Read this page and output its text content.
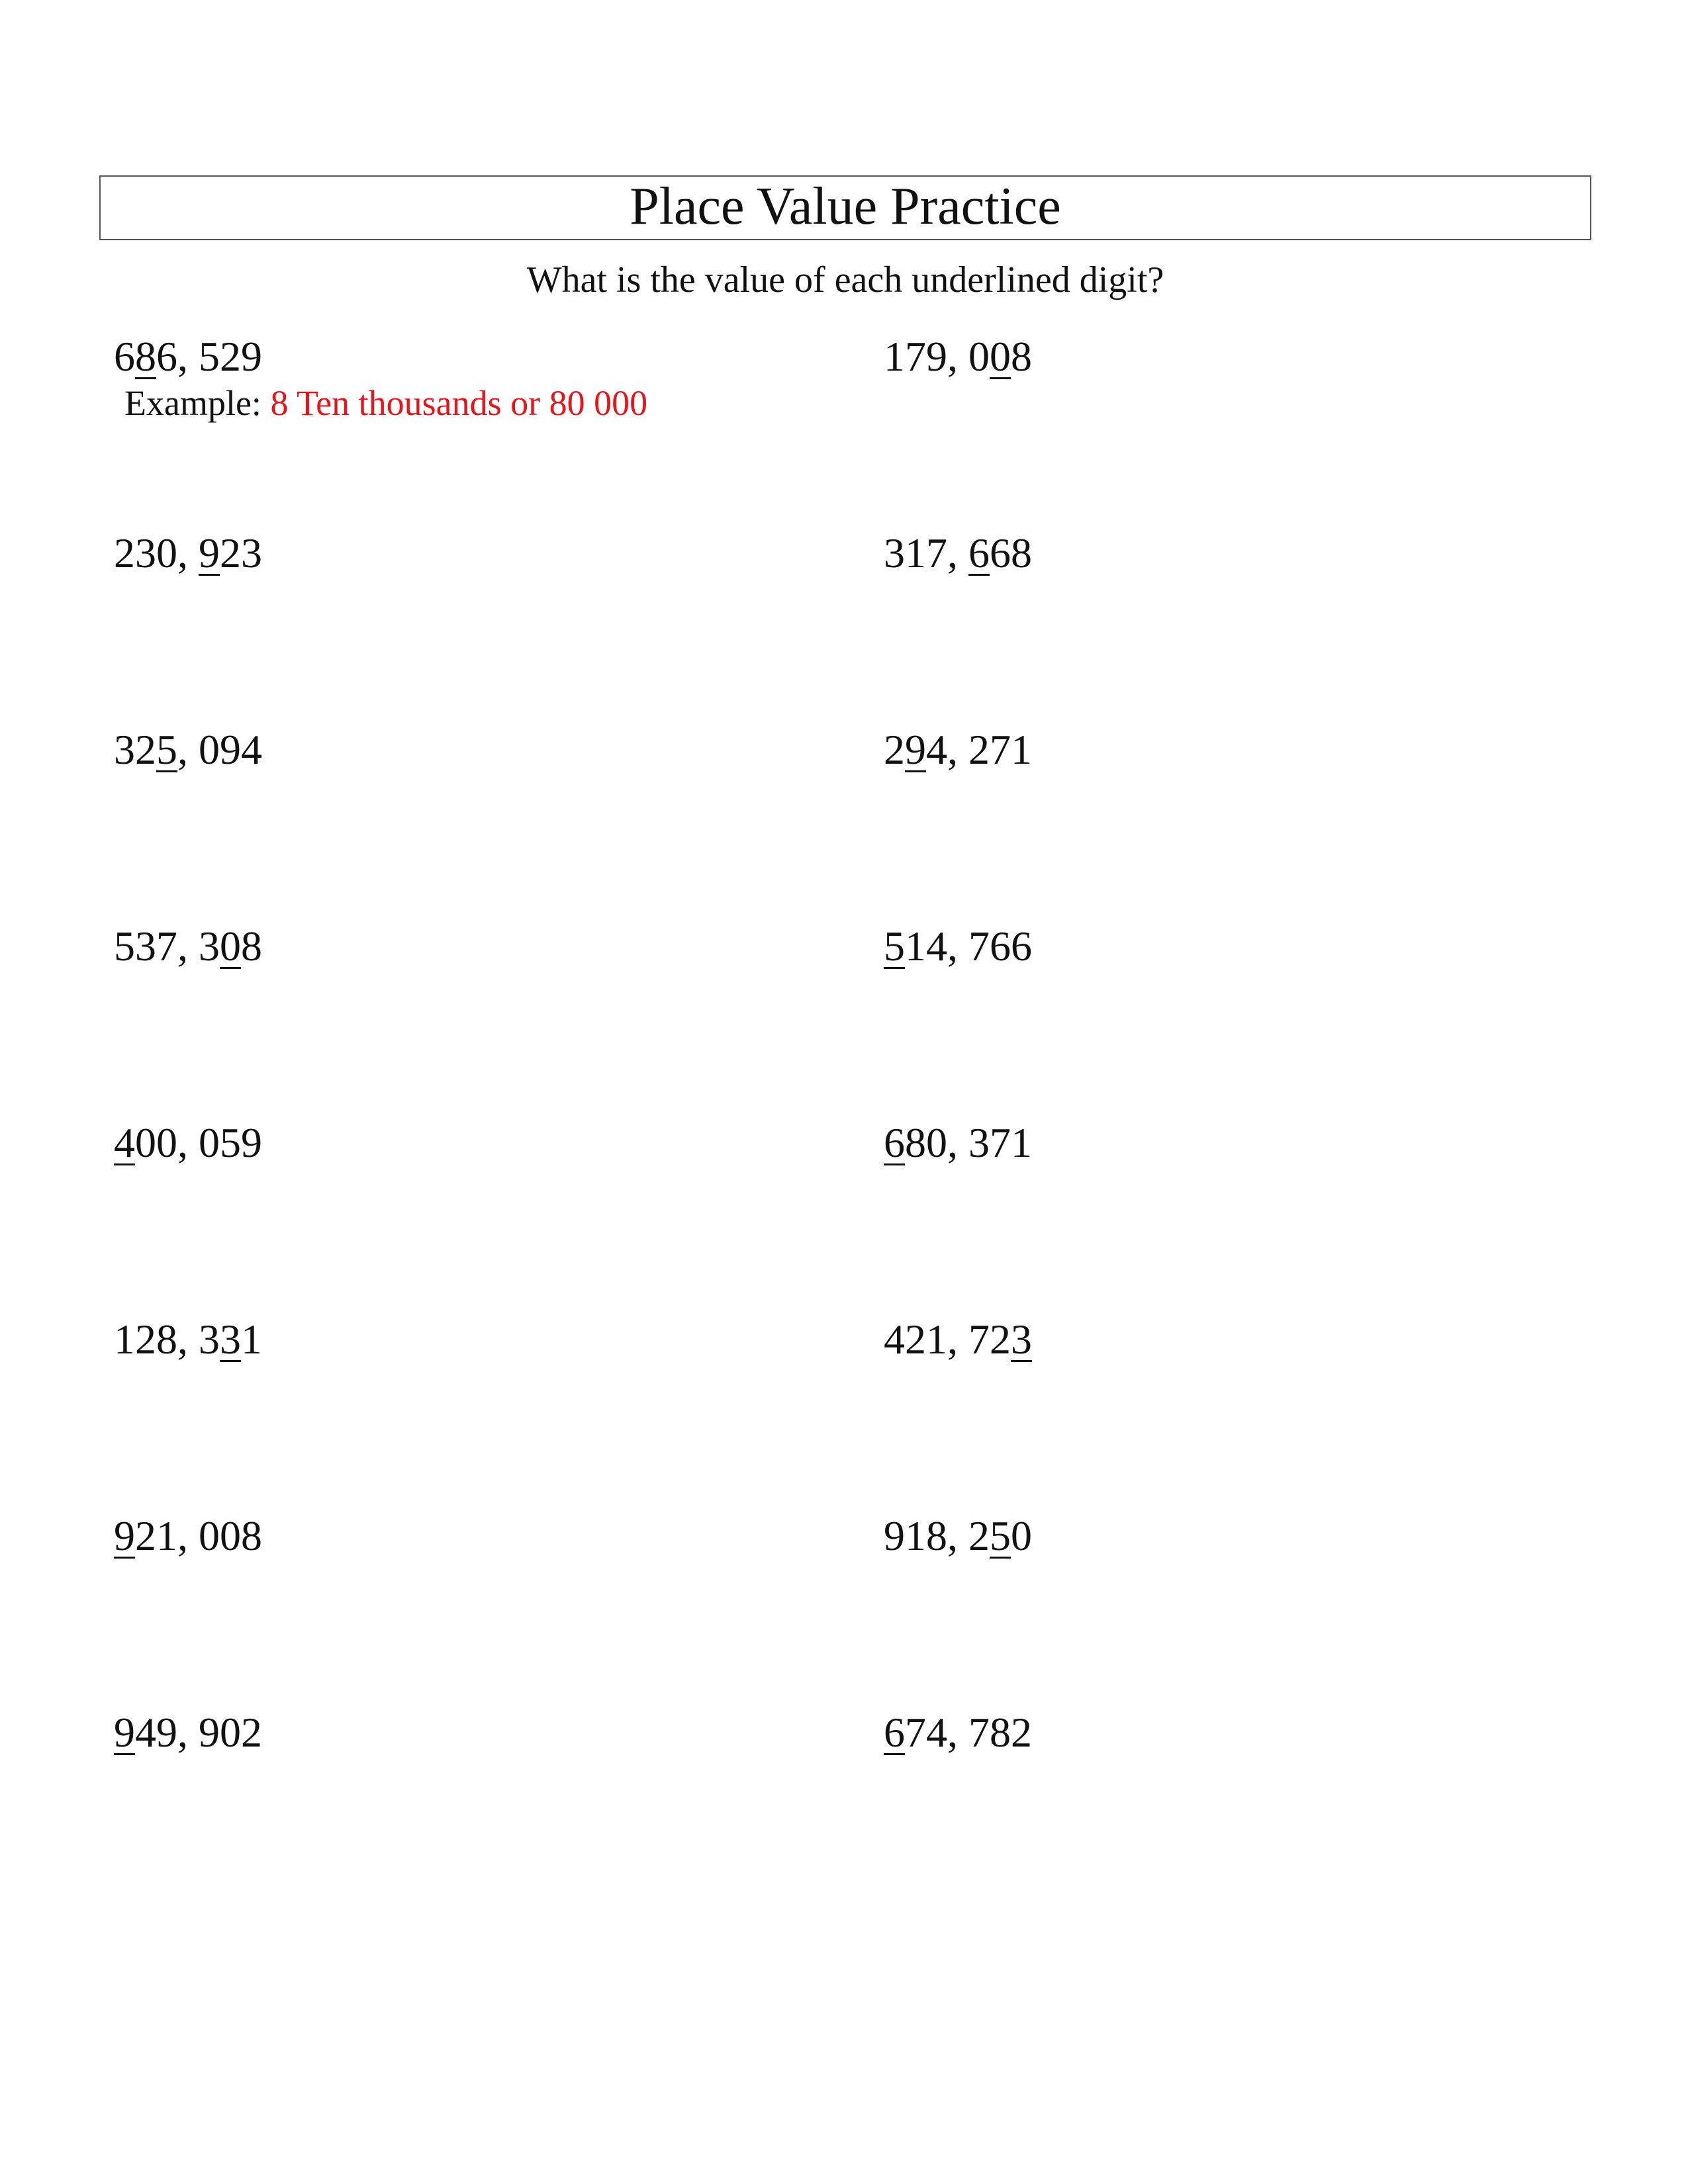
Place Value Practice
What is the value of each underlined digit?
686, 529	179, 008
230, 923	317, 668
325, 094	294, 271
537, 308	514, 766
400, 059	680, 371
128, 331	421, 723
921, 008	918, 250
949, 902	674, 782
Example: 8 Ten thousands or 80 000
